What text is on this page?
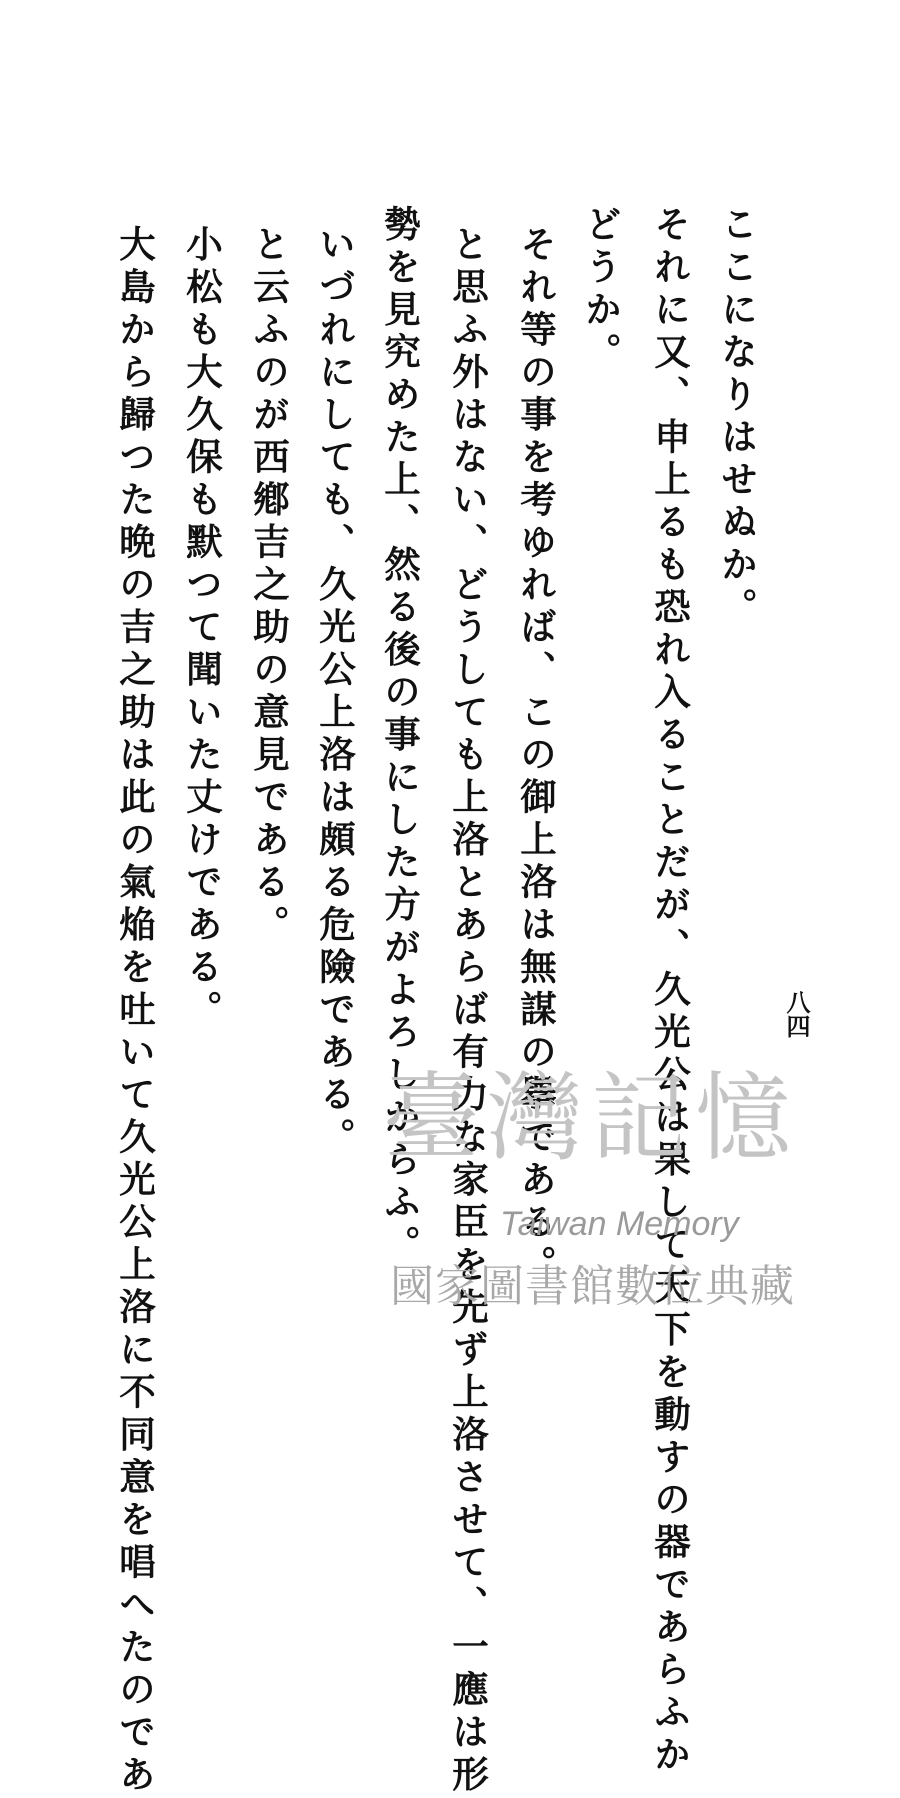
ここになりはせぬか。
それに又、申上るも恐れ入ることだが、久光公は果して天下を動すの器であらふか
どうか。
それ等の事を考ゆれば、この御上洛は無謀の擧である。
と思ふ外はない、どうしても上洛とあらば有力な家臣を先ず上洛させて、一應は形
勢を見究めた上、然る後の事にした方がよろしからふ。
いづれにしても、久光公上洛は頗る危險である。
と云ふのが西鄕吉之助の意見である。
小松も大久保も默つて聞いた丈けである。
大島から歸つた晩の吉之助は此の氣焔を吐いて久光公上洛に不同意を唱へたのであ	八四
臺灣記憶
Taiwan Memory
國家圖書館數位典藏
